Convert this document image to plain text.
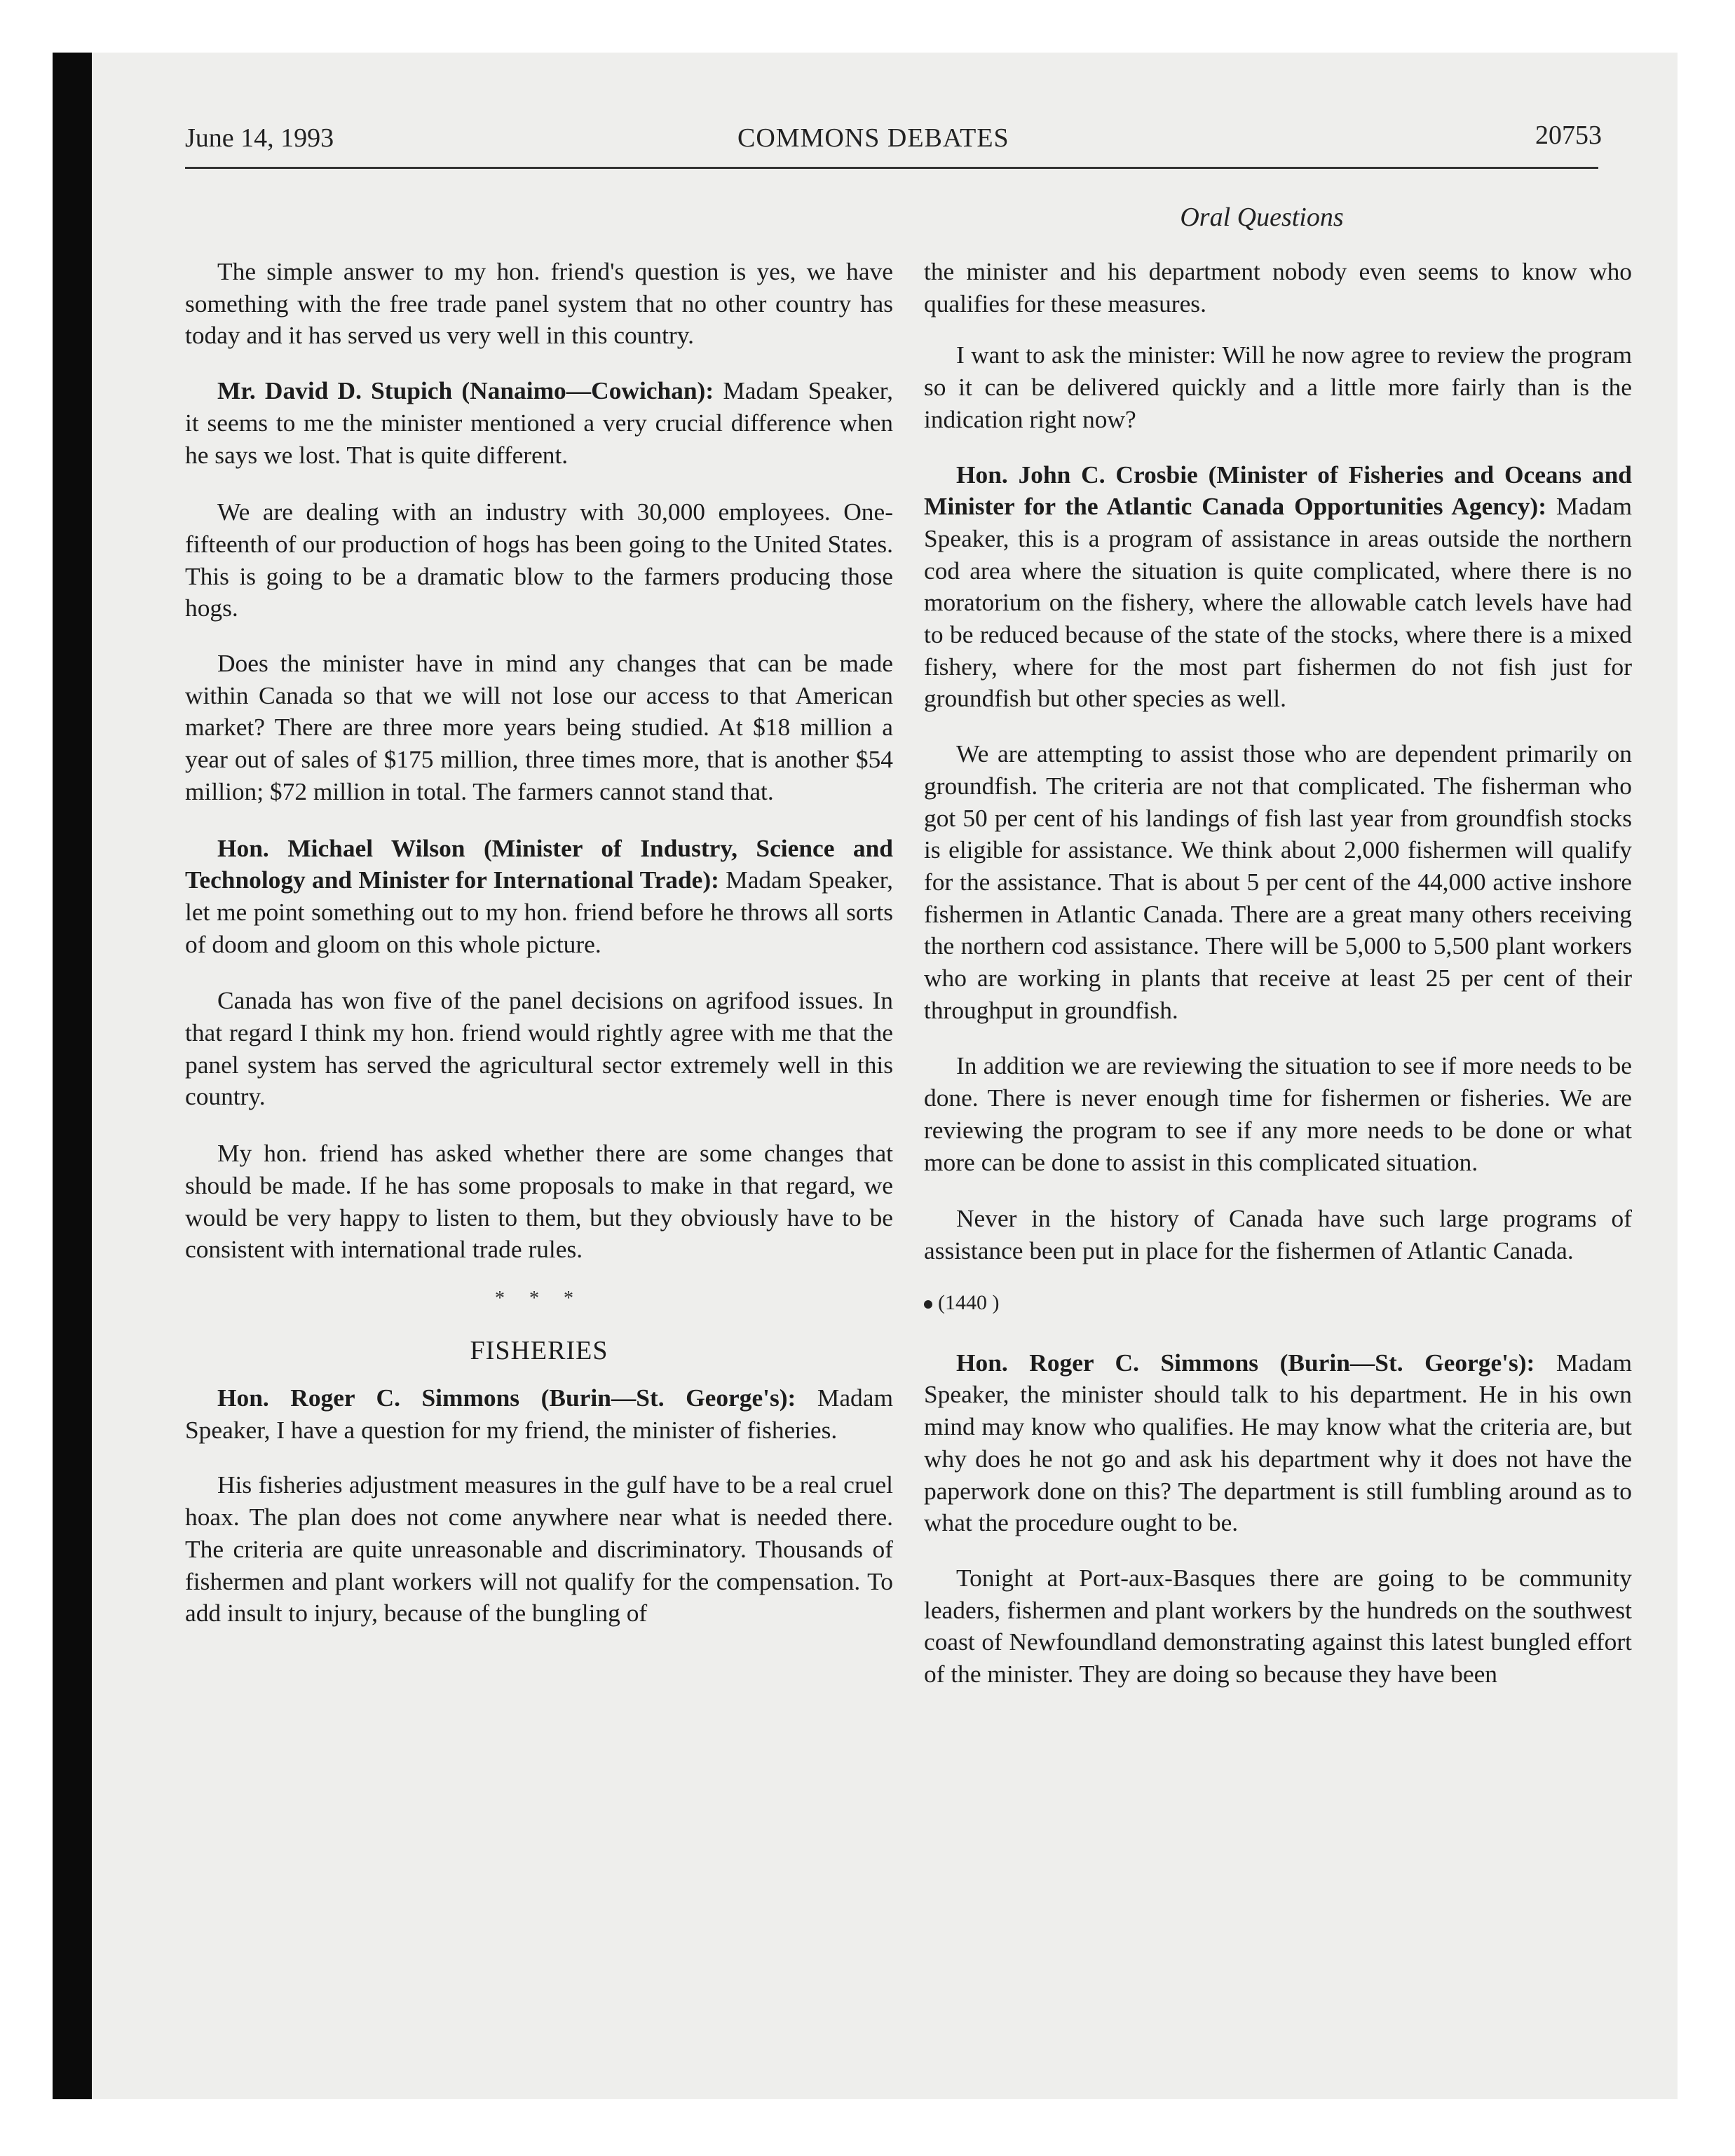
June 14, 1993	COMMONS DEBATES	20753
Oral Questions

The simple answer to my hon. friend's question is yes, we have something with the free trade panel system that no other country has today and it has served us very well in this country.

Mr. David D. Stupich (Nanaimo—Cowichan): Madam Speaker, it seems to me the minister mentioned a very crucial difference when he says we lost. That is quite different.

We are dealing with an industry with 30,000 employees. One-fifteenth of our production of hogs has been going to the United States. This is going to be a dramatic blow to the farmers producing those hogs.

Does the minister have in mind any changes that can be made within Canada so that we will not lose our access to that American market? There are three more years being studied. At $18 million a year out of sales of $175 million, three times more, that is another $54 million; $72 million in total. The farmers cannot stand that.

Hon. Michael Wilson (Minister of Industry, Science and Technology and Minister for International Trade): Madam Speaker, let me point something out to my hon. friend before he throws all sorts of doom and gloom on this whole picture.

Canada has won five of the panel decisions on agrifood issues. In that regard I think my hon. friend would rightly agree with me that the panel system has served the agricultural sector extremely well in this country.

My hon. friend has asked whether there are some changes that should be made. If he has some proposals to make in that regard, we would be very happy to listen to them, but they obviously have to be consistent with international trade rules.

* * *
FISHERIES

Hon. Roger C. Simmons (Burin—St. George's): Madam Speaker, I have a question for my friend, the minister of fisheries.

His fisheries adjustment measures in the gulf have to be a real cruel hoax. The plan does not come anywhere near what is needed there. The criteria are quite unreasonable and discriminatory. Thousands of fishermen and plant workers will not qualify for the compensation. To add insult to injury, because of the bungling of

the minister and his department nobody even seems to know who qualifies for these measures.

I want to ask the minister: Will he now agree to review the program so it can be delivered quickly and a little more fairly than is the indication right now?

Hon. John C. Crosbie (Minister of Fisheries and Oceans and Minister for the Atlantic Canada Opportunities Agency): Madam Speaker, this is a program of assistance in areas outside the northern cod area where the situation is quite complicated, where there is no moratorium on the fishery, where the allowable catch levels have had to be reduced because of the state of the stocks, where there is a mixed fishery, where for the most part fishermen do not fish just for groundfish but other species as well.

We are attempting to assist those who are dependent primarily on groundfish. The criteria are not that complicated. The fisherman who got 50 per cent of his landings of fish last year from groundfish stocks is eligible for assistance. We think about 2,000 fishermen will qualify for the assistance. That is about 5 per cent of the 44,000 active inshore fishermen in Atlantic Canada. There are a great many others receiving the northern cod assistance. There will be 5,000 to 5,500 plant workers who are working in plants that receive at least 25 per cent of their throughput in groundfish.

In addition we are reviewing the situation to see if more needs to be done. There is never enough time for fishermen or fisheries. We are reviewing the program to see if any more needs to be done or what more can be done to assist in this complicated situation.

Never in the history of Canada have such large programs of assistance been put in place for the fishermen of Atlantic Canada.

(1440 )

Hon. Roger C. Simmons (Burin—St. George's): Madam Speaker, the minister should talk to his department. He in his own mind may know who qualifies. He may know what the criteria are, but why does he not go and ask his department why it does not have the paperwork done on this? The department is still fumbling around as to what the procedure ought to be.

Tonight at Port-aux-Basques there are going to be community leaders, fishermen and plant workers by the hundreds on the southwest coast of Newfoundland demonstrating against this latest bungled effort of the minister. They are doing so because they have been
